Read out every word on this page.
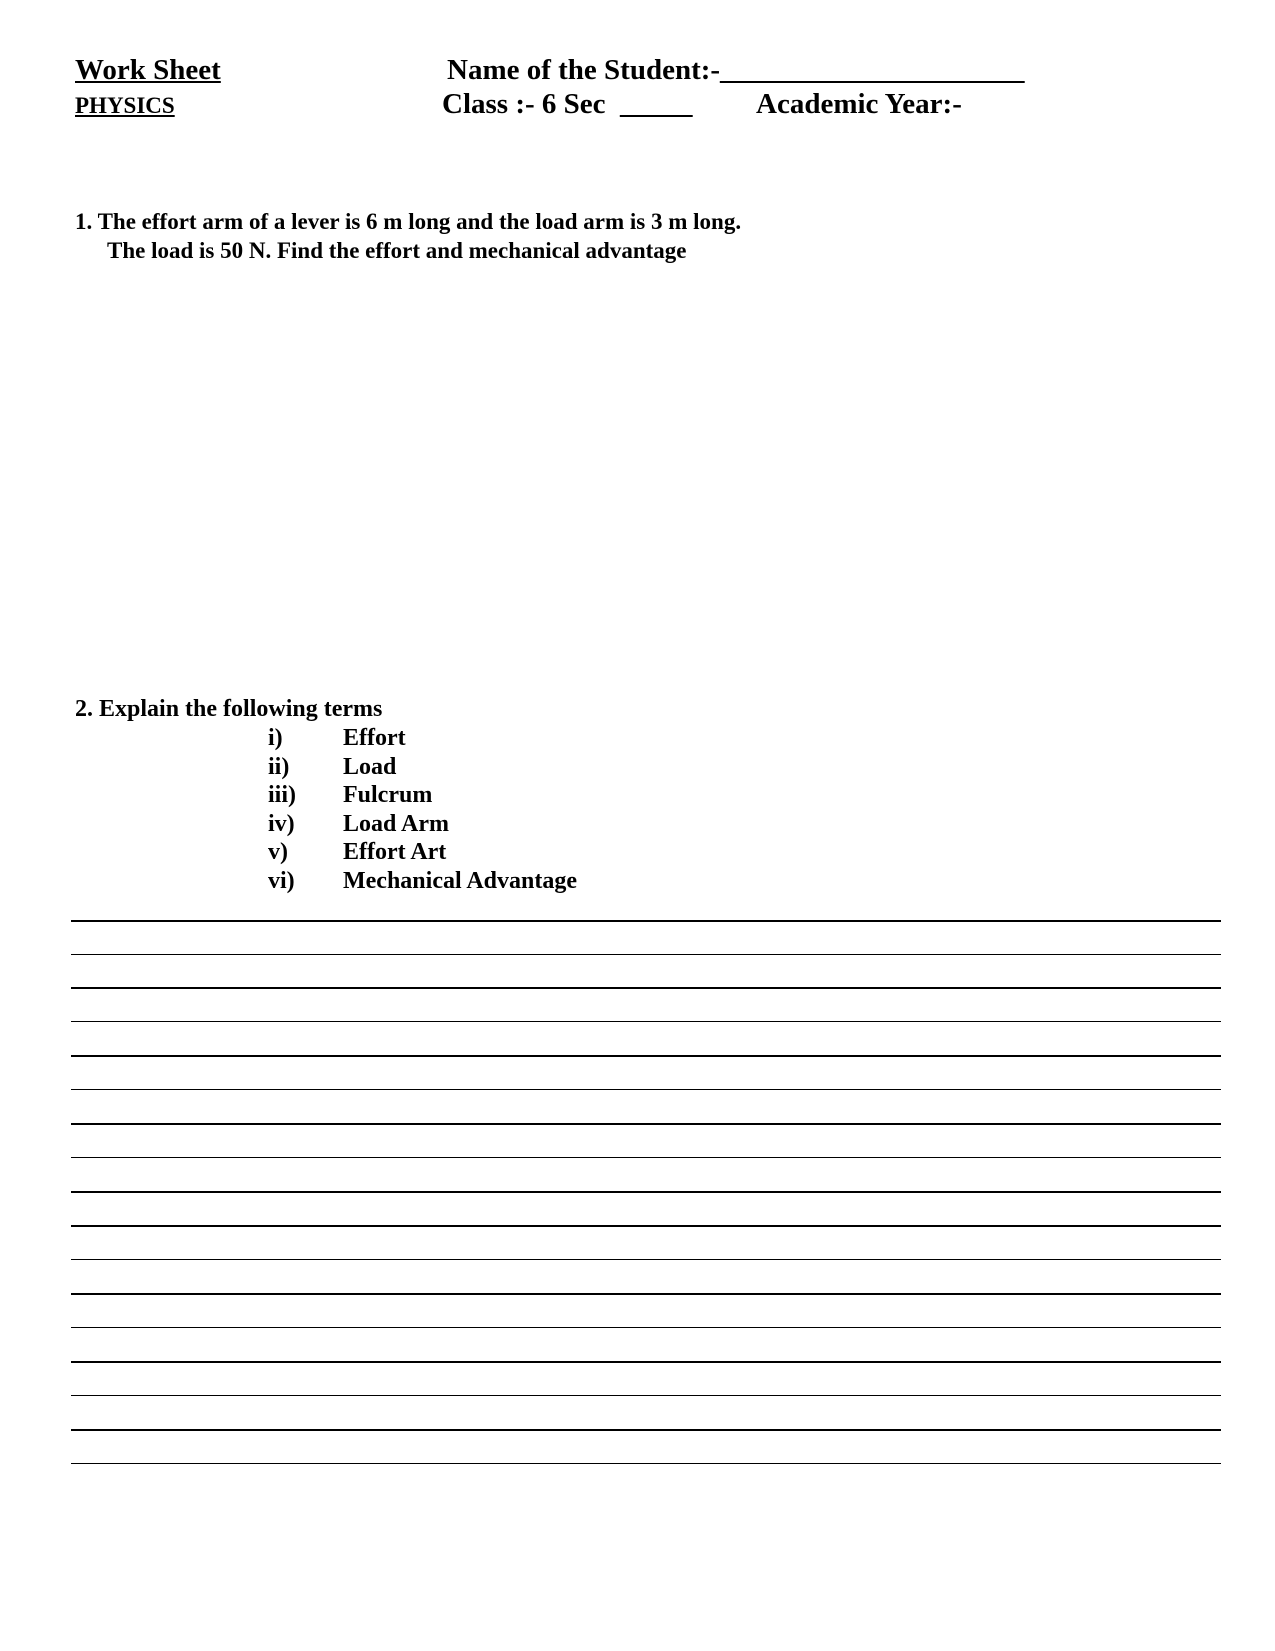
Work Sheet
PHYSICS
Name of the Student:-_____________________
Class :- 6 Sec  _____ Academic Year:-
1. The effort arm of a lever is 6 m long and the load arm is 3 m long.
The load is 50 N. Find the effort and mechanical advantage
2. Explain the following terms
i)	Effort
ii) Load
iii) Fulcrum
iv) Load Arm
v) Effort Art
vi) Mechanical Advantage
